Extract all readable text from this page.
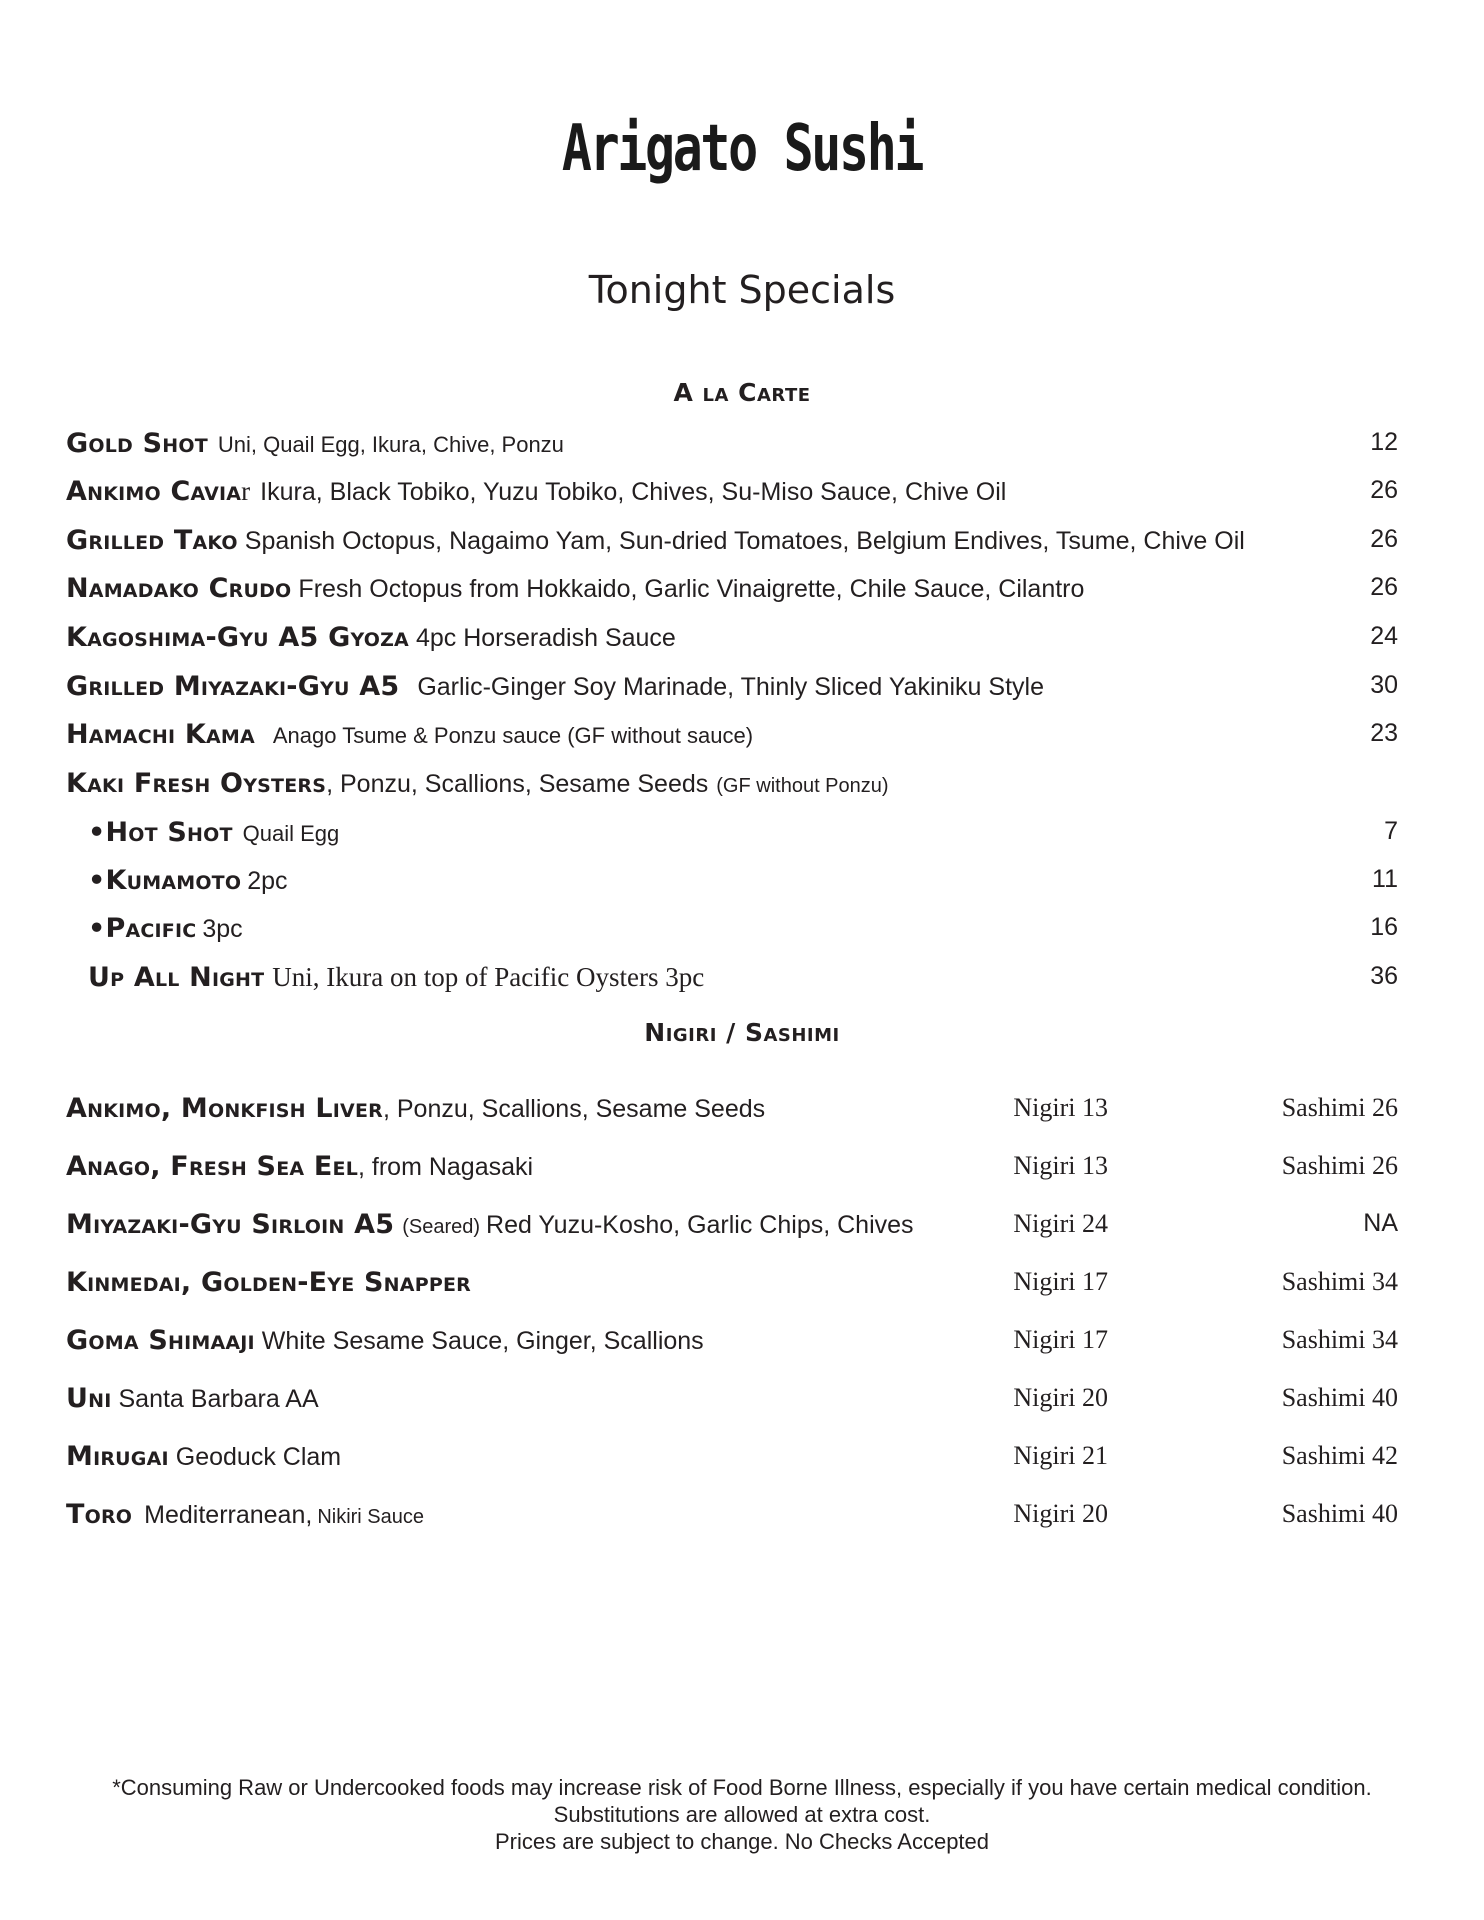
Arigato Sushi
Tonight Specials
A la Carte
Gold Shot Uni, Quail Egg, Ikura, Chive, Ponzu	12
Ankimo Cavia r Ikura, Black Tobiko, Yuzu Tobiko, Chives, Su-Miso Sauce, Chive Oil	26
Grilled Tako Spanish Octopus, Nagaimo Yam, Sun-dried Tomatoes, Belgium Endives, Tsume, Chive Oil	26
Namadako Crudo Fresh Octopus from Hokkaido, Garlic Vinaigrette, Chile Sauce, Cilantro	26
Kagoshima-Gyu A5 Gyoza 4pc Horseradish Sauce	24
Grilled Miyazaki-Gyu A5 Garlic-Ginger Soy Marinade, Thinly Sliced Yakiniku Style	30
Hamachi Kama Anago Tsume & Ponzu sauce (GF without sauce)	23
Kaki Fresh Oysters , Ponzu, Scallions, Sesame Seeds (GF without Ponzu)
•Hot Shot Quail Egg	7
•Kumamoto 2pc	11
•Pacific 3pc	16
Up All Night Uni, Ikura on top of Pacific Oysters 3pc	36
Nigiri / Sashimi
Ankimo, Monkfish Liver , Ponzu, Scallions, Sesame Seeds	Nigiri 13	Sashimi 26
Anago, Fresh Sea Eel , from Nagasaki	Nigiri 13	Sashimi 26
Miyazaki-Gyu Sirloin A5 (Seared) Red Yuzu-Kosho, Garlic Chips, Chives	Nigiri 24	NA
Kinmedai, Golden-Eye Snapper	Nigiri 17	Sashimi 34
Goma Shimaaji White Sesame Sauce, Ginger, Scallions	Nigiri 17	Sashimi 34
Uni Santa Barbara AA	Nigiri 20	Sashimi 40
Mirugai Geoduck Clam	Nigiri 21	Sashimi 42
Toro Mediterranean, Nikiri Sauce	Nigiri 20	Sashimi 40
*Consuming Raw or Undercooked foods may increase risk of Food Borne Illness, especially if you have certain medical condition.
Substitutions are allowed at extra cost.
Prices are subject to change. No Checks Accepted
